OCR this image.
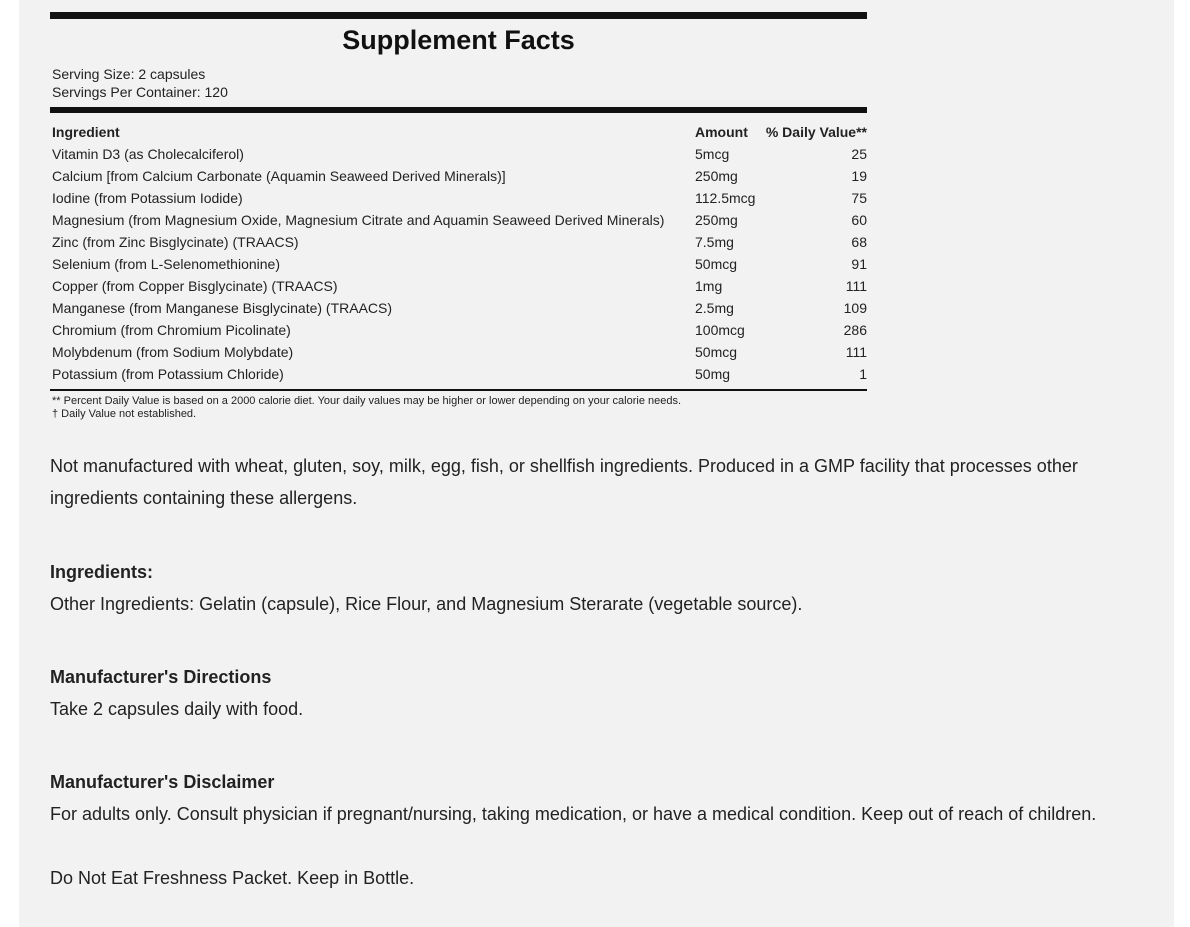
Supplement Facts
Serving Size: 2 capsules
Servings Per Container: 120
Ingredient	Amount	% Daily Value**
Vitamin D3 (as Cholecalciferol)	5mcg	25
Calcium [from Calcium Carbonate (Aquamin Seaweed Derived Minerals)]	250mg	19
Iodine (from Potassium Iodide)	112.5mcg	75
Magnesium (from Magnesium Oxide, Magnesium Citrate and Aquamin Seaweed Derived Minerals)	250mg	60
Zinc (from Zinc Bisglycinate) (TRAACS)	7.5mg	68
Selenium (from L-Selenomethionine)	50mcg	91
Copper (from Copper Bisglycinate) (TRAACS)	1mg	111
Manganese (from Manganese Bisglycinate) (TRAACS)	2.5mg	109
Chromium (from Chromium Picolinate)	100mcg	286
Molybdenum (from Sodium Molybdate)	50mcg	111
Potassium (from Potassium Chloride)	50mg	1
** Percent Daily Value is based on a 2000 calorie diet. Your daily values may be higher or lower depending on your calorie needs.
† Daily Value not established.
Not manufactured with wheat, gluten, soy, milk, egg, fish, or shellfish ingredients. Produced in a GMP facility that processes other ingredients containing these allergens.
Ingredients:
Other Ingredients: Gelatin (capsule), Rice Flour, and Magnesium Sterarate (vegetable source).
Manufacturer's Directions
Take 2 capsules daily with food.
Manufacturer's Disclaimer
For adults only. Consult physician if pregnant/nursing, taking medication, or have a medical condition. Keep out of reach of children.
Do Not Eat Freshness Packet. Keep in Bottle.
